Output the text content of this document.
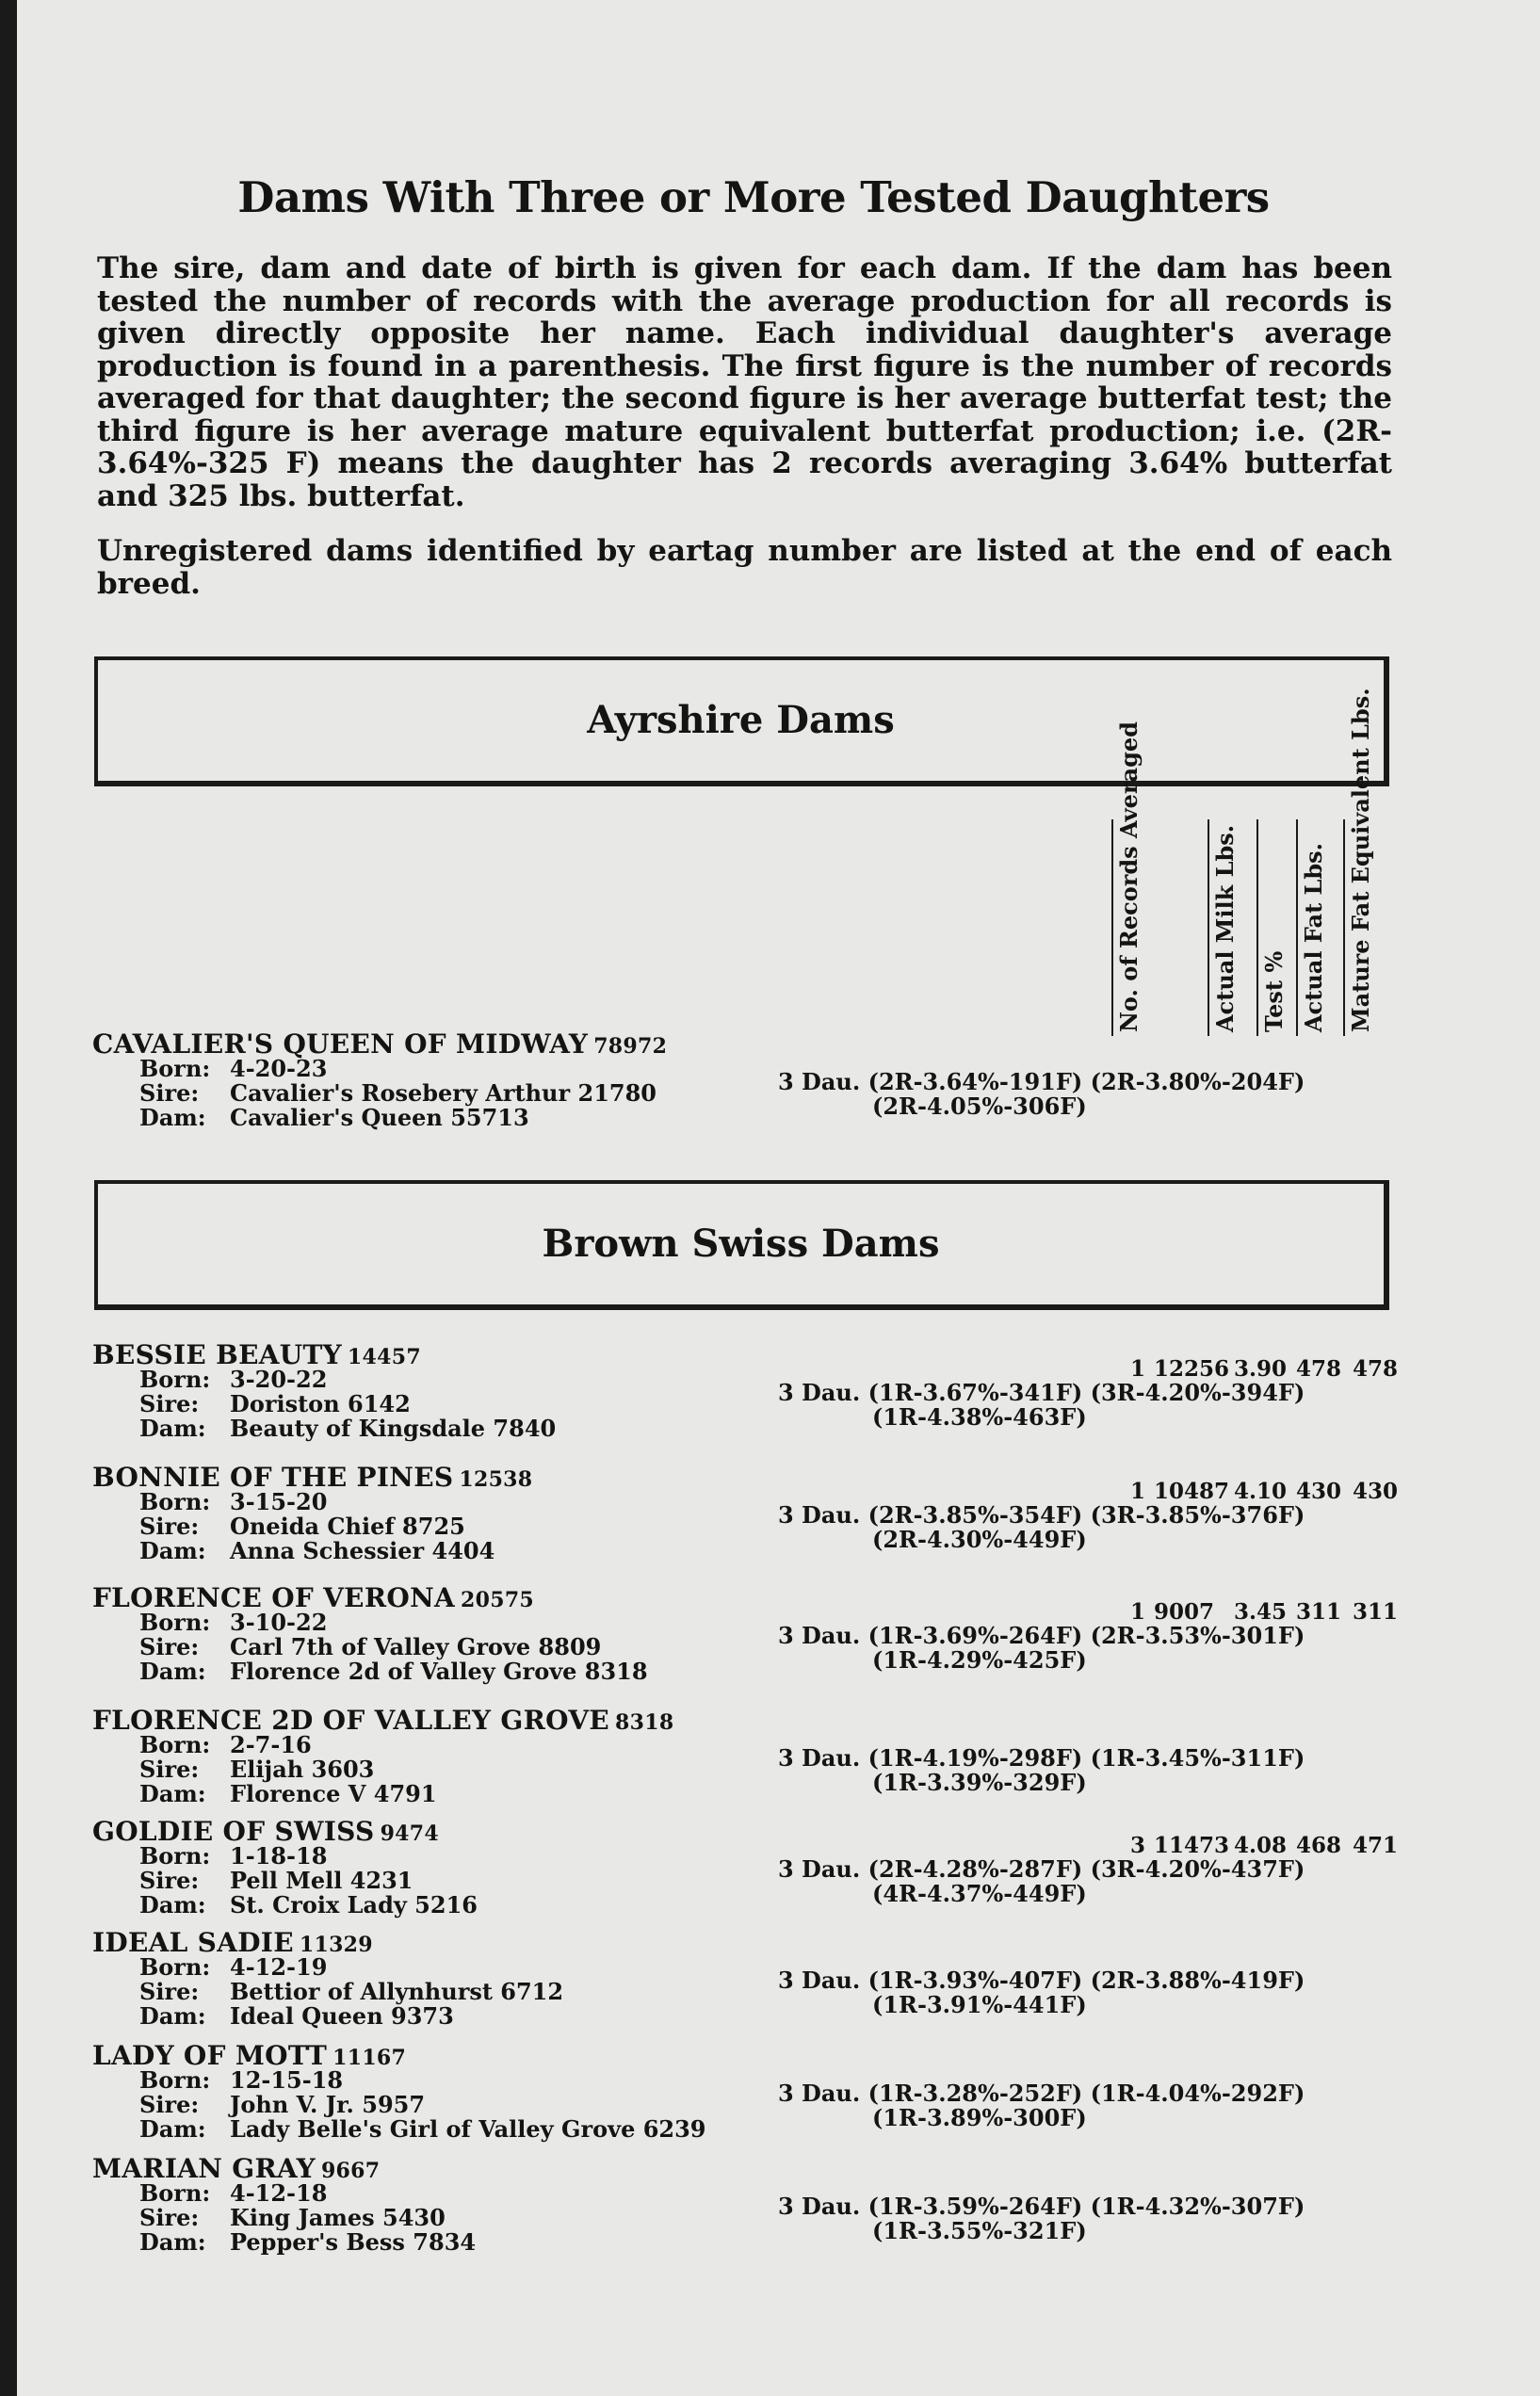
Dams With Three or More Tested Daughters

The sire, dam and date of birth is given for each dam. If the dam has been tested the number of records with the average production for all records is given directly opposite her name. Each individual daughter's average production is found in a parenthesis. The first figure is the number of records averaged for that daughter; the second figure is her average butterfat test; the third figure is her average mature equivalent butterfat production; i.e. (2R-3.64%-325 F) means the daughter has 2 records averaging 3.64% butterfat and 325 lbs. butterfat.

Unregistered dams identified by eartag number are listed at the end of each breed.

Ayrshire Dams
No. of Records Averaged	Actual Milk Lbs. Test % Actual Fat Lbs. Mature Fat Equivalent Lbs.
CAVALIER'S QUEEN OF MIDWAY 78972
Born: 4-20-23
Sire: Cavalier's Rosebery Arthur 21780
Dam: Cavalier's Queen 55713
3 Dau. (2R-3.64%-191F) (2R-3.80%-204F)
(2R-4.05%-306F)
Brown Swiss Dams
BESSIE BEAUTY 14457
Born: 3-20-22
Sire: Doriston 6142
Dam: Beauty of Kingsdale 7840
3 Dau. (1R-3.67%-341F) (3R-4.20%-394F)
(1R-4.38%-463F)
1 12256 3.90 478 478
BONNIE OF THE PINES 12538
Born: 3-15-20
Sire: Oneida Chief 8725
Dam: Anna Schessier 4404
3 Dau. (2R-3.85%-354F) (3R-3.85%-376F)
(2R-4.30%-449F)
1 10487 4.10 430 430
FLORENCE OF VERONA 20575
Born: 3-10-22
Sire: Carl 7th of Valley Grove 8809
Dam: Florence 2d of Valley Grove 8318
3 Dau. (1R-3.69%-264F) (2R-3.53%-301F)
(1R-4.29%-425F)
1 9007 3.45 311 311
FLORENCE 2D OF VALLEY GROVE 8318
Born: 2-7-16
Sire: Elijah 3603
Dam: Florence V 4791
3 Dau. (1R-4.19%-298F) (1R-3.45%-311F)
(1R-3.39%-329F)
GOLDIE OF SWISS 9474
Born: 1-18-18
Sire: Pell Mell 4231
Dam: St. Croix Lady 5216
3 Dau. (2R-4.28%-287F) (3R-4.20%-437F)
(4R-4.37%-449F)
3 11473 4.08 468 471
IDEAL SADIE 11329
Born: 4-12-19
Sire: Bettior of Allynhurst 6712
Dam: Ideal Queen 9373
3 Dau. (1R-3.93%-407F) (2R-3.88%-419F)
(1R-3.91%-441F)
LADY OF MOTT 11167
Born: 12-15-18
Sire: John V. Jr. 5957
Dam: Lady Belle's Girl of Valley Grove 6239
3 Dau. (1R-3.28%-252F) (1R-4.04%-292F)
(1R-3.89%-300F)
MARIAN GRAY 9667
Born: 4-12-18
Sire: King James 5430
Dam: Pepper's Bess 7834
3 Dau. (1R-3.59%-264F) (1R-4.32%-307F)
(1R-3.55%-321F)
